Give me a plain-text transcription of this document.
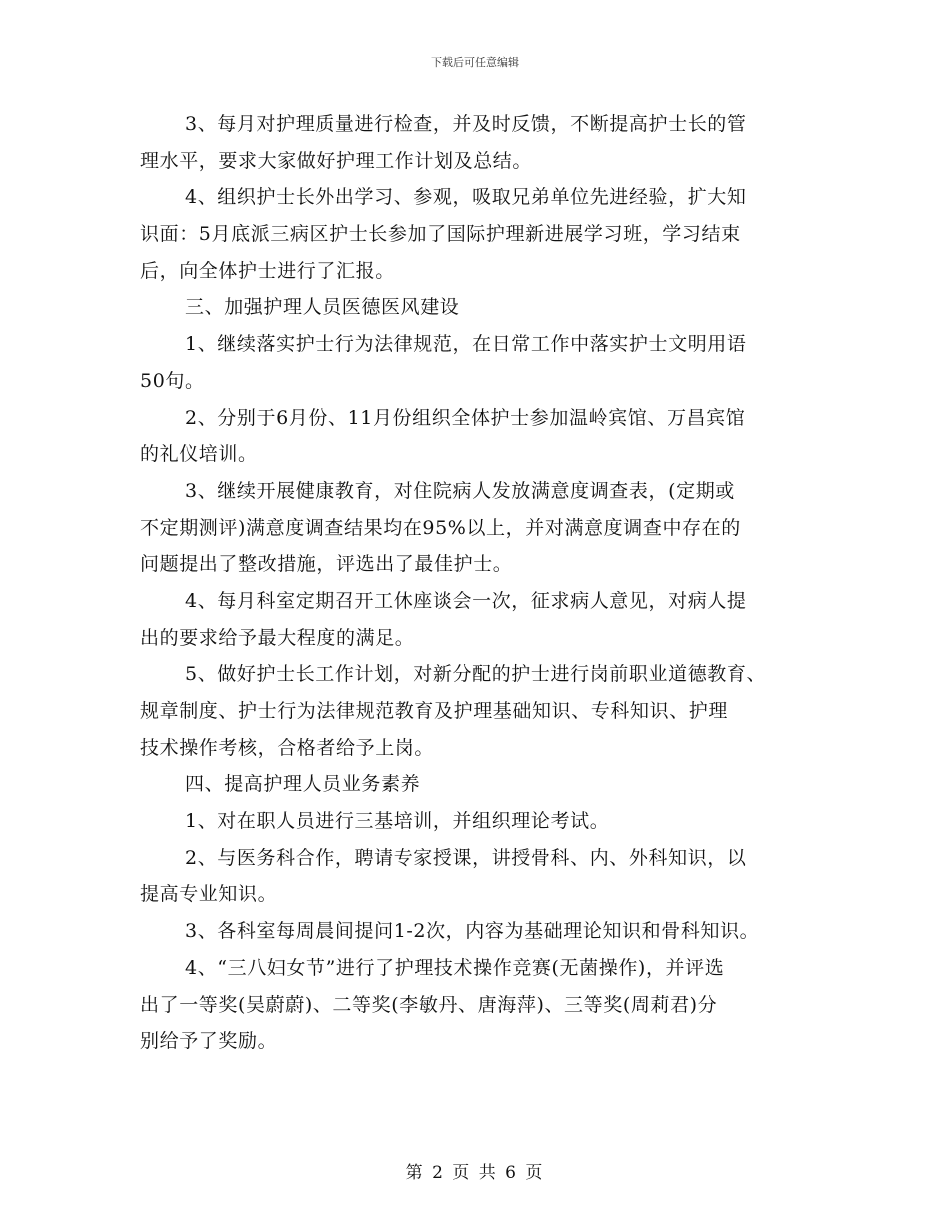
下载后可任意编辑
3、每月对护理质量进行检查，并及时反馈，不断提高护士长的管
理水平，要求大家做好护理工作计划及总结。
4、组织护士长外出学习、参观，吸取兄弟单位先进经验，扩大知
识面：5月底派三病区护士长参加了国际护理新进展学习班，学习结束
后，向全体护士进行了汇报。
三、加强护理人员医德医风建设
1、继续落实护士行为法律规范，在日常工作中落实护士文明用语
50句。
2、分别于6月份、11月份组织全体护士参加温岭宾馆、万昌宾馆
的礼仪培训。
3、继续开展健康教育，对住院病人发放满意度调查表，(定期或
不定期测评)满意度调查结果均在95%以上，并对满意度调查中存在的
问题提出了整改措施，评选出了最佳护士。
4、每月科室定期召开工休座谈会一次，征求病人意见，对病人提
出的要求给予最大程度的满足。
5、做好护士长工作计划，对新分配的护士进行岗前职业道德教育、
规章制度、护士行为法律规范教育及护理基础知识、专科知识、护理
技术操作考核，合格者给予上岗。
四、提高护理人员业务素养
1、对在职人员进行三基培训，并组织理论考试。
2、与医务科合作，聘请专家授课，讲授骨科、内、外科知识，以
提高专业知识。
3、各科室每周晨间提问1-2次，内容为基础理论知识和骨科知识。
4、“三八妇女节”进行了护理技术操作竞赛(无菌操作)，并评选
出了一等奖(吴蔚蔚)、二等奖(李敏丹、唐海萍)、三等奖(周莉君)分
别给予了奖励。
第 2 页 共 6 页
